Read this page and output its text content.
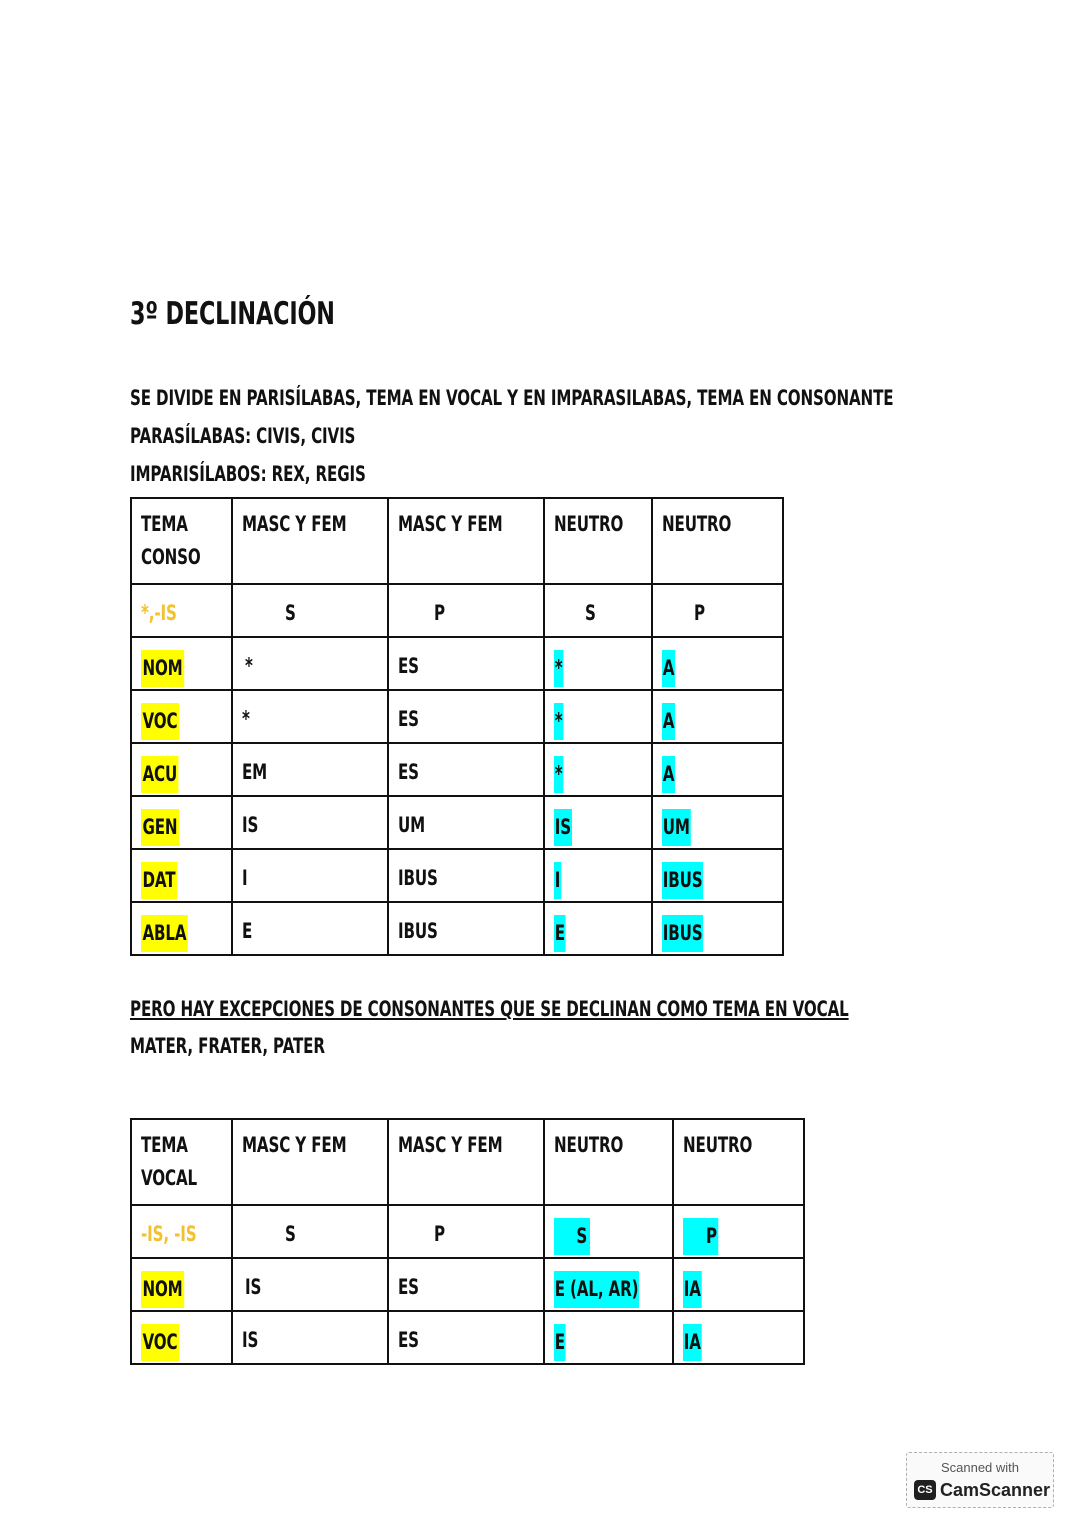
3º DECLINACIÓN
SE DIVIDE EN PARISÍLABAS, TEMA EN VOCAL Y EN IMPARASILABAS, TEMA EN CONSONANTE
PARASÍLABAS: CIVIS, CIVIS
IMPARISÍLABOS: REX, REGIS
TEMA
CONSO	MASC Y FEM	MASC Y FEM	NEUTRO	NEUTRO

*,-IS	S	P	S	P

NOM	*	ES	*	A

VOC	*	ES	*	A

ACU	EM	ES	*	A

GEN	IS	UM	IS	UM

DAT	I	IBUS	I	IBUS

ABLA	E	IBUS	E	IBUS
PERO HAY EXCEPCIONES DE CONSONANTES QUE SE DECLINAN COMO TEMA EN VOCAL
MATER, FRATER, PATER
TEMA
VOCAL	MASC Y FEM	MASC Y FEM	NEUTRO	NEUTRO

-IS, -IS	S	P	S	P

NOM	IS	ES	E (AL, AR)	IA

VOC	IS	ES	E	IA
Scanned with
CS CamScanner
